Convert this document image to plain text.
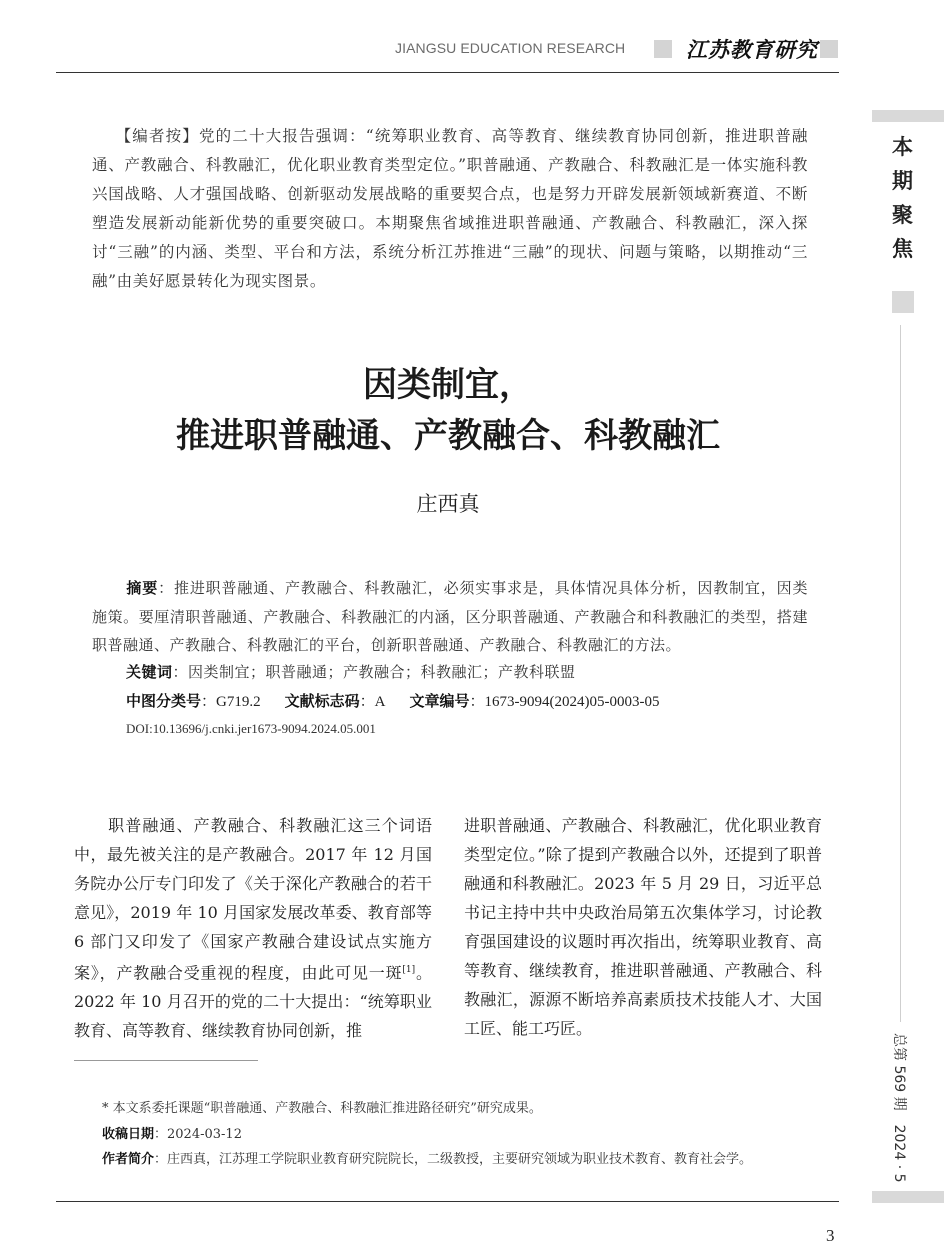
JIANGSU EDUCATION RESEARCH	江苏教育研究
本期聚焦
总第 569 期　2024 · 5
【编者按】党的二十大报告强调：“统筹职业教育、高等教育、继续教育协同创新，推进职普融通、产教融合、科教融汇，优化职业教育类型定位。”职普融通、产教融合、科教融汇是一体实施科教兴国战略、人才强国战略、创新驱动发展战略的重要契合点，也是努力开辟发展新领域新赛道、不断塑造发展新动能新优势的重要突破口。本期聚焦省域推进职普融通、产教融合、科教融汇，深入探讨“三融”的内涵、类型、平台和方法，系统分析江苏推进“三融”的现状、问题与策略，以期推动“三融”由美好愿景转化为现实图景。
因类制宜，
推进职普融通、产教融合、科教融汇
庄西真
摘要：推进职普融通、产教融合、科教融汇，必须实事求是，具体情况具体分析，因教制宜，因类施策。要厘清职普融通、产教融合、科教融汇的内涵，区分职普融通、产教融合和科教融汇的类型，搭建职普融通、产教融合、科教融汇的平台，创新职普融通、产教融合、科教融汇的方法。
关键词：因类制宜；职普融通；产教融合；科教融汇；产教科联盟
中图分类号：G719.2 文献标志码：A 文章编号：1673-9094(2024)05-0003-05
DOI:10.13696/j.cnki.jer1673-9094.2024.05.001
职普融通、产教融合、科教融汇这三个词语中，最先被关注的是产教融合。2017 年 12 月国务院办公厅专门印发了《关于深化产教融合的若干意见》，2019 年 10 月国家发展改革委、教育部等 6 部门又印发了《国家产教融合建设试点实施方案》，产教融合受重视的程度，由此可见一斑[1]。2022 年 10 月召开的党的二十大提出：“统筹职业教育、高等教育、继续教育协同创新，推
进职普融通、产教融合、科教融汇，优化职业教育类型定位。”除了提到产教融合以外，还提到了职普融通和科教融汇。2023 年 5 月 29 日，习近平总书记主持中共中央政治局第五次集体学习，讨论教育强国建设的议题时再次指出，统筹职业教育、高等教育、继续教育，推进职普融通、产教融合、科教融汇，源源不断培养高素质技术技能人才、大国工匠、能工巧匠。
* 本文系委托课题“职普融通、产教融合、科教融汇推进路径研究”研究成果。
收稿日期：2024-03-12
作者简介：庄西真，江苏理工学院职业教育研究院院长，二级教授，主要研究领域为职业技术教育、教育社会学。
3
